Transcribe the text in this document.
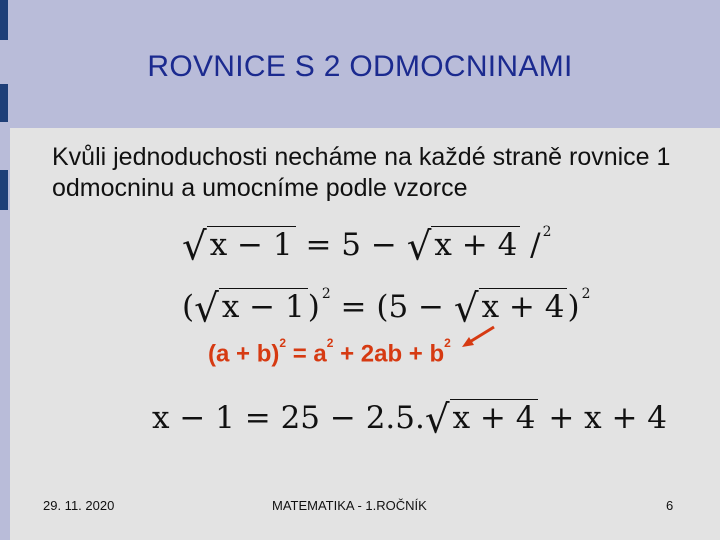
ROVNICE S 2 ODMOCNINAMI
Kvůli jednoduchosti necháme na každé straně rovnice 1 odmocninu a umocníme podle vzorce
√x − 1 = 5 − √x + 4 / $^2$
(√x − 1) $^2$ = (5 − √x + 4) $^2$
$(a + b)^2 = a^2 + 2ab + b^2$
x − 1 = 25 − 2.5.√x + 4 + x + 4
29. 11. 2020	MATEMATIKA - 1.ROČNÍK	6
